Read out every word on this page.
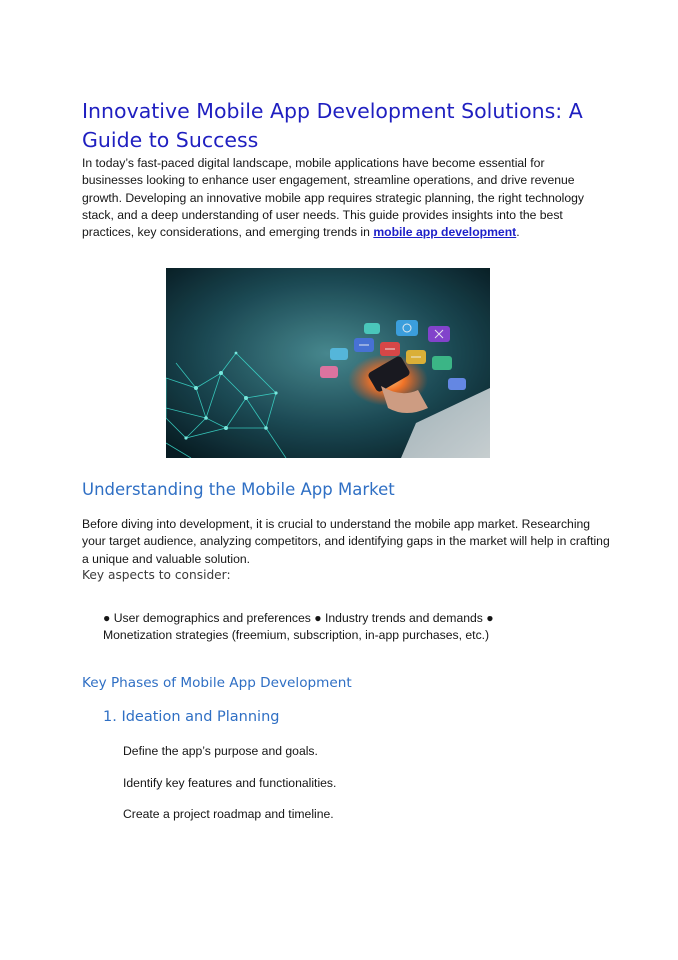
Innovative Mobile App Development Solutions: A Guide to Success

In today’s fast-paced digital landscape, mobile applications have become essential for businesses looking to enhance user engagement, streamline operations, and drive revenue growth. Developing an innovative mobile app requires strategic planning, the right technology stack, and a deep understanding of user needs. This guide provides insights into the best practices, key considerations, and emerging trends in mobile app development.

Understanding the Mobile App Market

Before diving into development, it is crucial to understand the mobile app market. Researching your target audience, analyzing competitors, and identifying gaps in the market will help in crafting a unique and valuable solution.

Key aspects to consider:
● User demographics and preferences ● Industry trends and demands ●
Monetization strategies (freemium, subscription, in-app purchases, etc.)
Key Phases of Mobile App Development
1. Ideation and Planning

Define the app’s purpose and goals.

Identify key features and functionalities.

Create a project roadmap and timeline.
